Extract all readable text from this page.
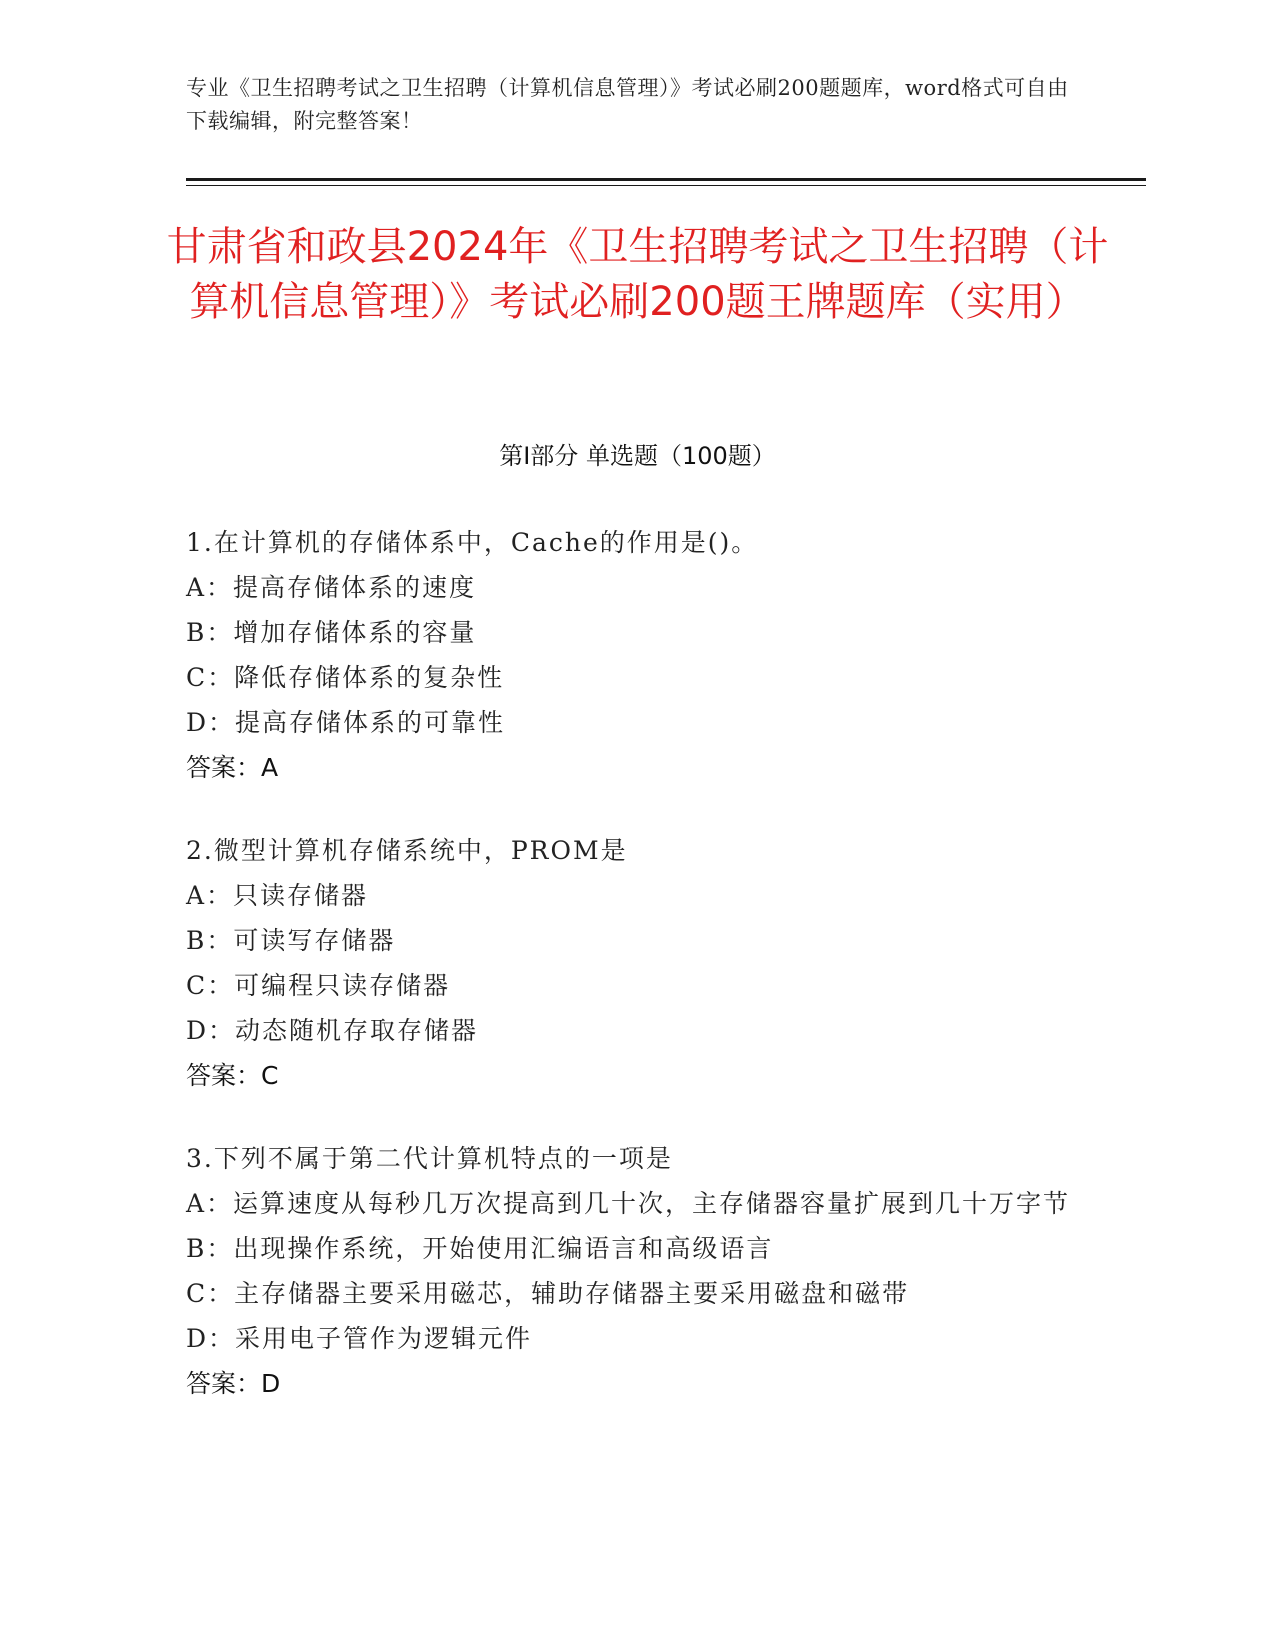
专业《卫生招聘考试之卫生招聘（计算机信息管理）》考试必刷200题题库，word格式可自由下载编辑，附完整答案！
甘肃省和政县2024年《卫生招聘考试之卫生招聘（计算机信息管理）》考试必刷200题王牌题库（实用）
第Ⅰ部分 单选题（100题）

1.在计算机的存储体系中，Cache的作用是()。

A：提高存储体系的速度

B：增加存储体系的容量

C：降低存储体系的复杂性

D：提高存储体系的可靠性

答案：A

2.微型计算机存储系统中，PROM是

A：只读存储器

B：可读写存储器

C：可编程只读存储器

D：动态随机存取存储器

答案：C

3.下列不属于第二代计算机特点的一项是

A：运算速度从每秒几万次提高到几十次，主存储器容量扩展到几十万字节

B：出现操作系统，开始使用汇编语言和高级语言

C：主存储器主要采用磁芯，辅助存储器主要采用磁盘和磁带

D：采用电子管作为逻辑元件

答案：D
